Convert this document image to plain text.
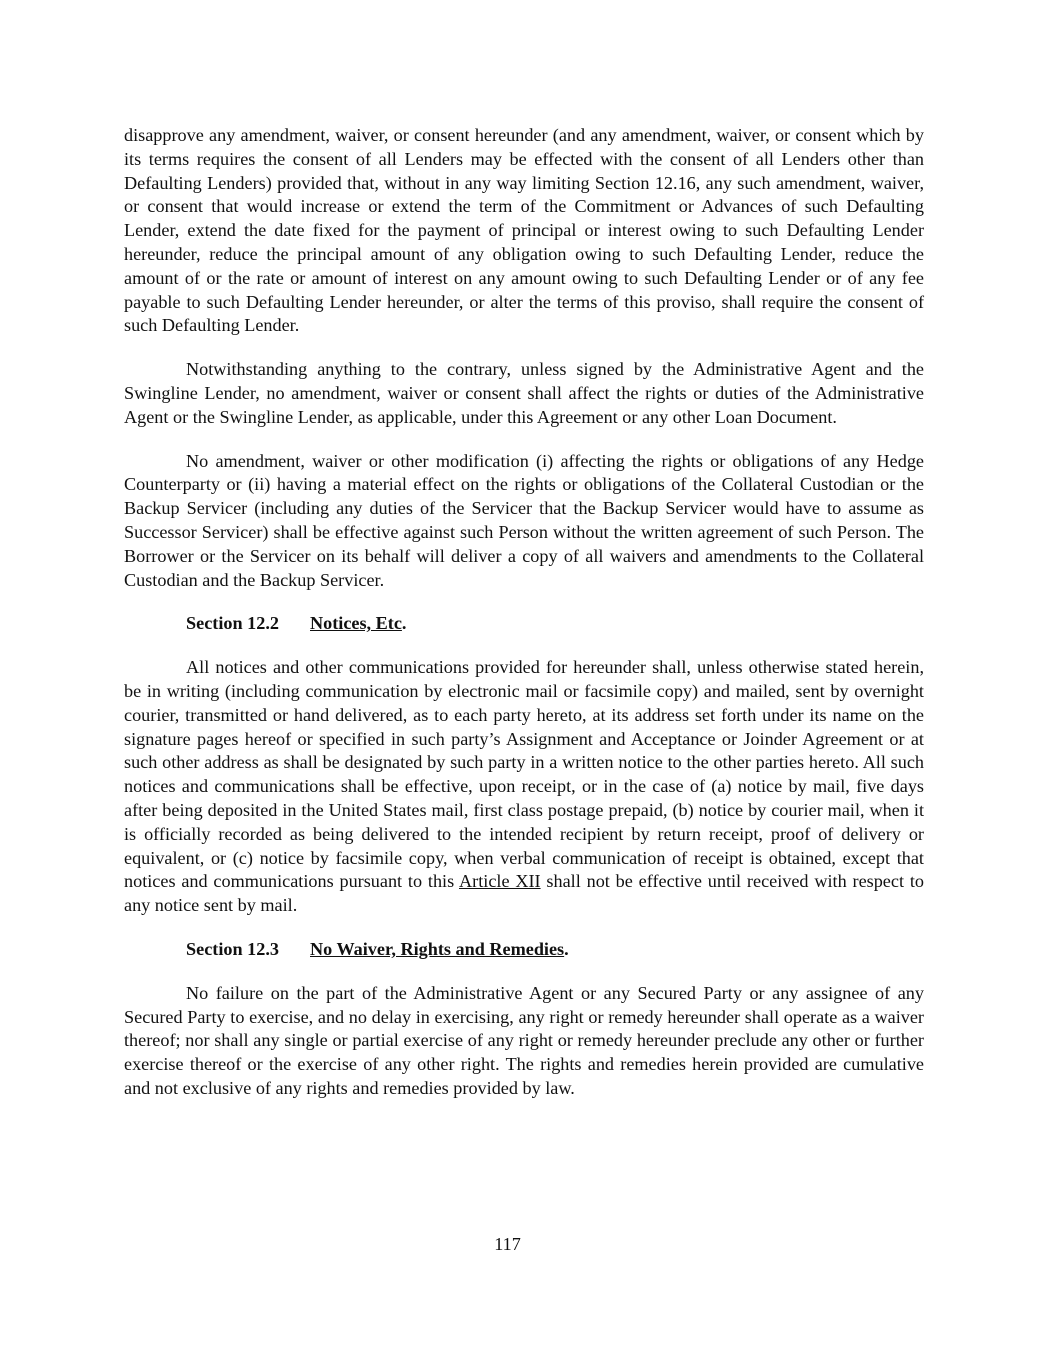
disapprove any amendment, waiver, or consent hereunder (and any amendment, waiver, or consent which by its terms requires the consent of all Lenders may be effected with the consent of all Lenders other than Defaulting Lenders) provided that, without in any way limiting Section 12.16, any such amendment, waiver, or consent that would increase or extend the term of the Commitment or Advances of such Defaulting Lender, extend the date fixed for the payment of principal or interest owing to such Defaulting Lender hereunder, reduce the principal amount of any obligation owing to such Defaulting Lender, reduce the amount of or the rate or amount of interest on any amount owing to such Defaulting Lender or of any fee payable to such Defaulting Lender hereunder, or alter the terms of this proviso, shall require the consent of such Defaulting Lender.

Notwithstanding anything to the contrary, unless signed by the Administrative Agent and the Swingline Lender, no amendment, waiver or consent shall affect the rights or duties of the Administrative Agent or the Swingline Lender, as applicable, under this Agreement or any other Loan Document.

No amendment, waiver or other modification (i) affecting the rights or obligations of any Hedge Counterparty or (ii) having a material effect on the rights or obligations of the Collateral Custodian or the Backup Servicer (including any duties of the Servicer that the Backup Servicer would have to assume as Successor Servicer) shall be effective against such Person without the written agreement of such Person. The Borrower or the Servicer on its behalf will deliver a copy of all waivers and amendments to the Collateral Custodian and the Backup Servicer.

Section 12.2 Notices, Etc.

All notices and other communications provided for hereunder shall, unless otherwise stated herein, be in writing (including communication by electronic mail or facsimile copy) and mailed, sent by overnight courier, transmitted or hand delivered, as to each party hereto, at its address set forth under its name on the signature pages hereof or specified in such party’s Assignment and Acceptance or Joinder Agreement or at such other address as shall be designated by such party in a written notice to the other parties hereto. All such notices and communications shall be effective, upon receipt, or in the case of (a) notice by mail, five days after being deposited in the United States mail, first class postage prepaid, (b) notice by courier mail, when it is officially recorded as being delivered to the intended recipient by return receipt, proof of delivery or equivalent, or (c) notice by facsimile copy, when verbal communication of receipt is obtained, except that notices and communications pursuant to this Article XII shall not be effective until received with respect to any notice sent by mail.

Section 12.3 No Waiver, Rights and Remedies.

No failure on the part of the Administrative Agent or any Secured Party or any assignee of any Secured Party to exercise, and no delay in exercising, any right or remedy hereunder shall operate as a waiver thereof; nor shall any single or partial exercise of any right or remedy hereunder preclude any other or further exercise thereof or the exercise of any other right. The rights and remedies herein provided are cumulative and not exclusive of any rights and remedies provided by law.

117
